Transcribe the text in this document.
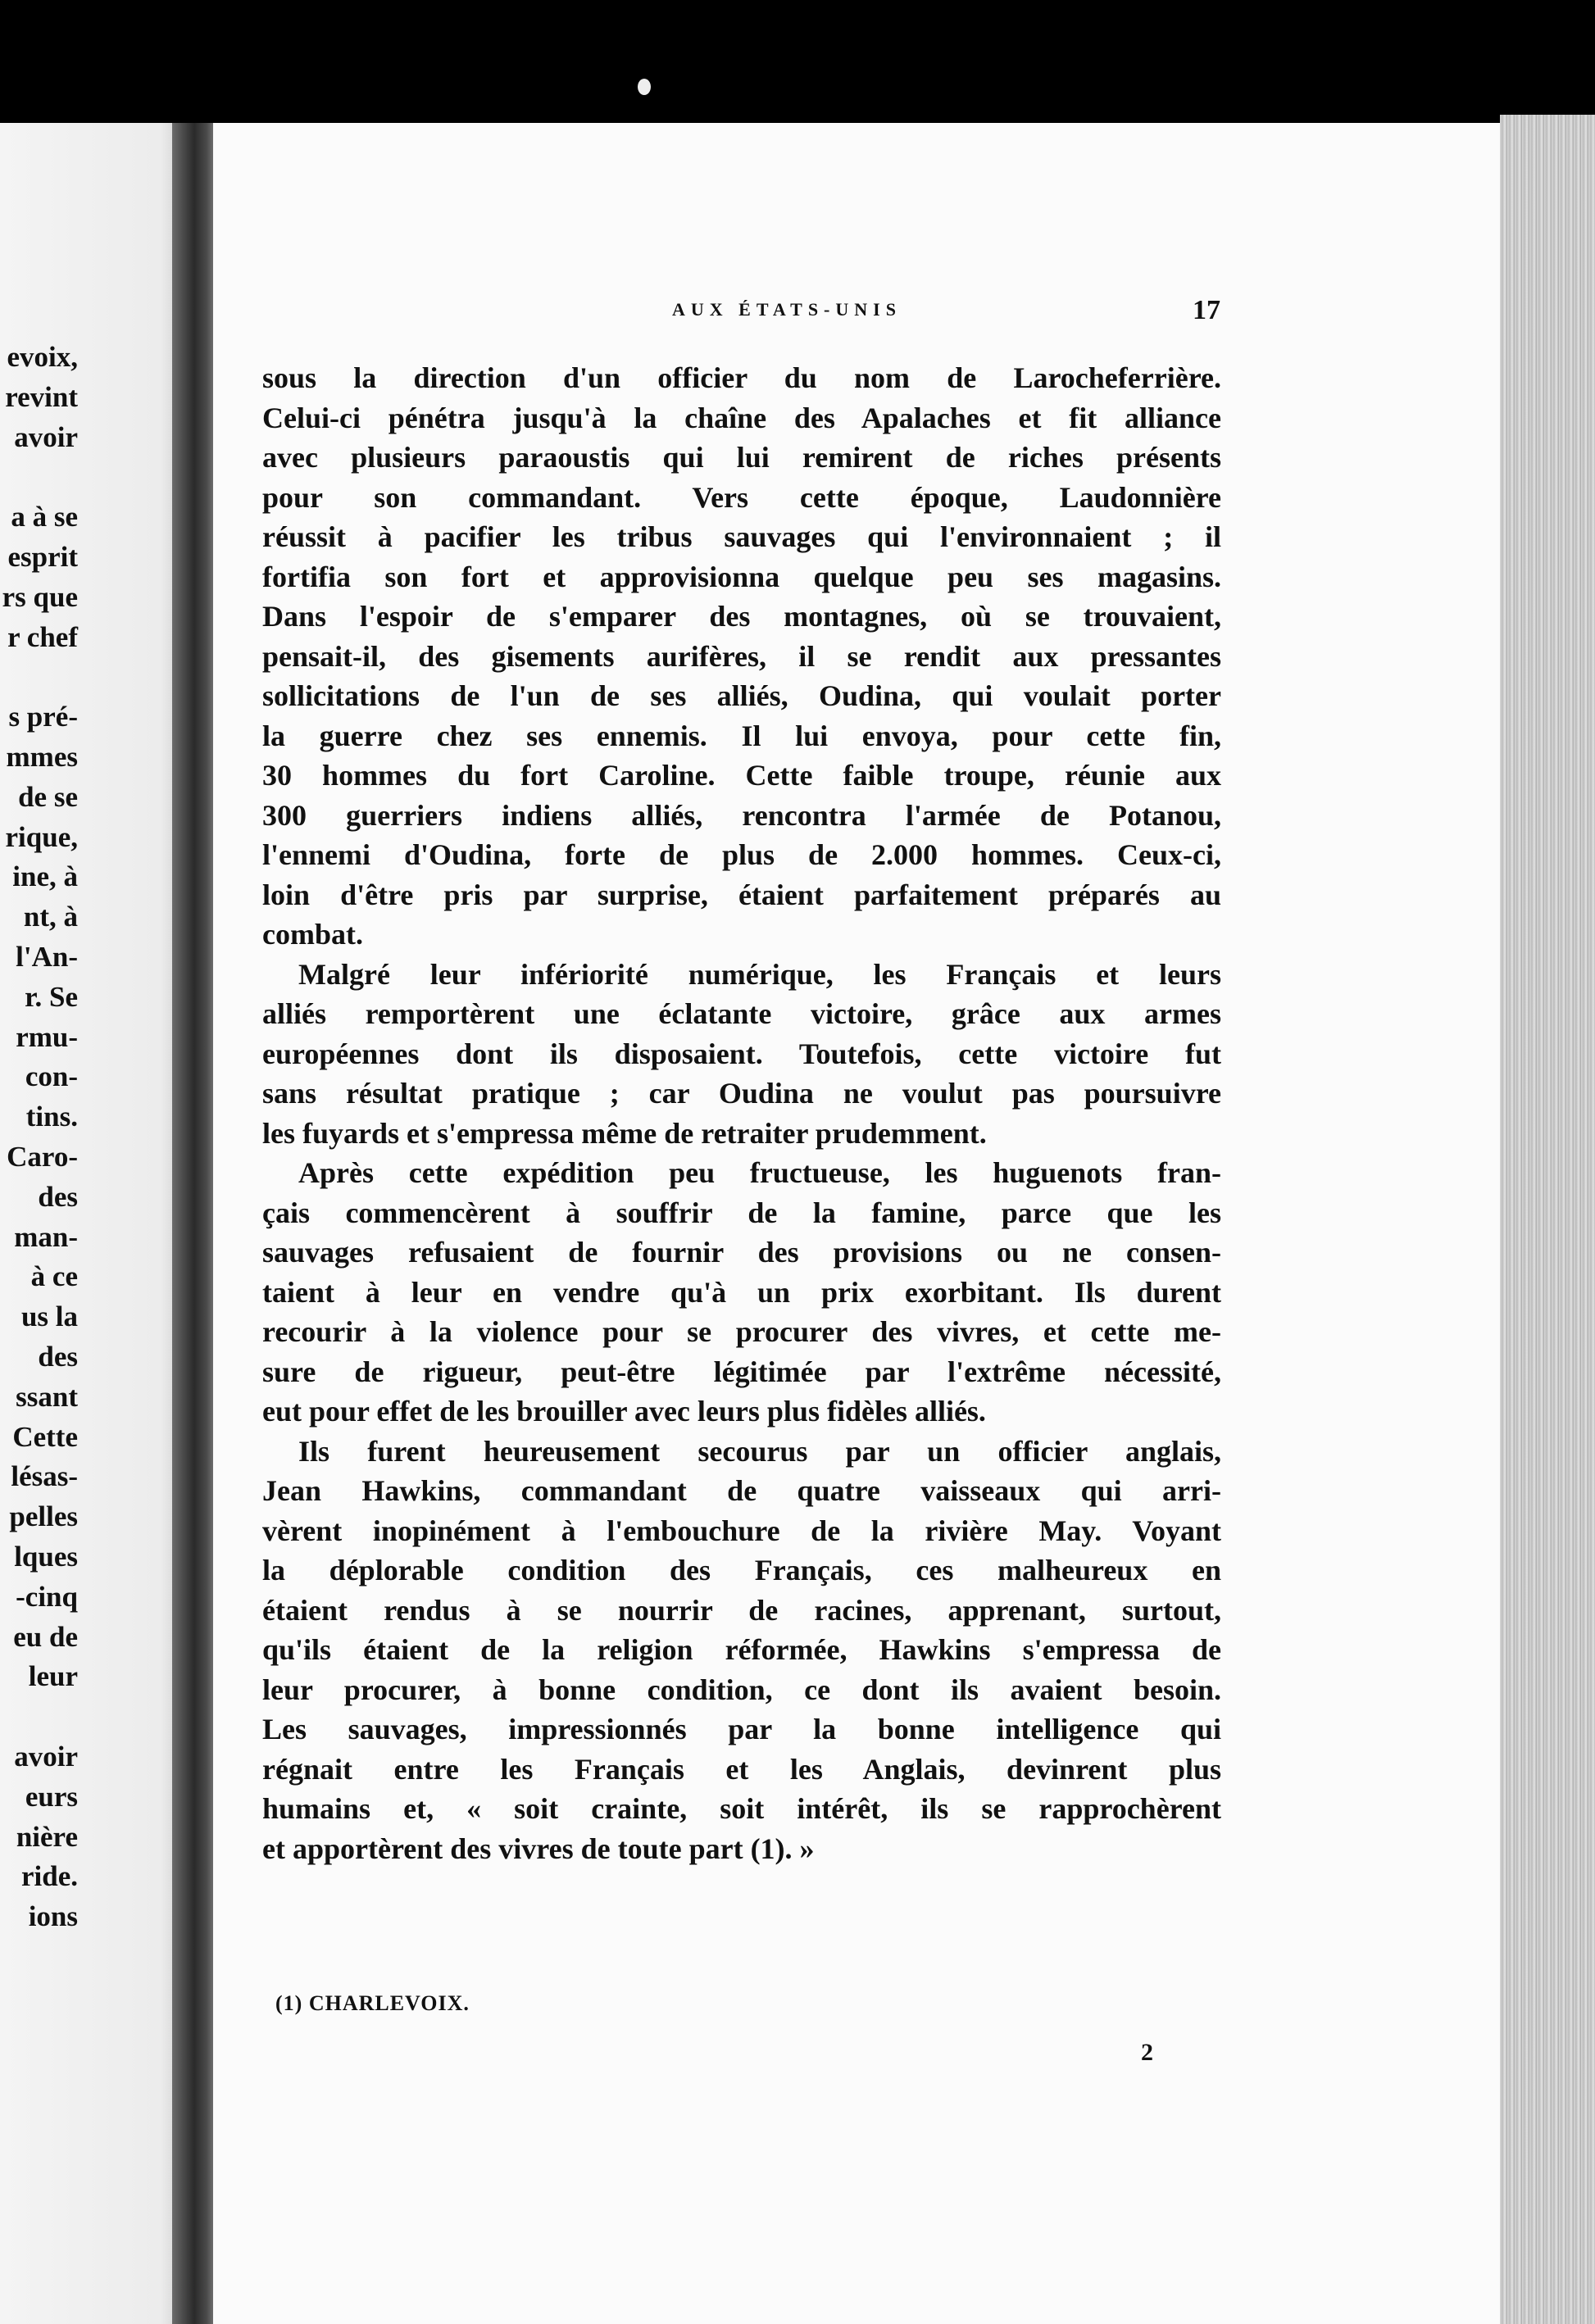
evoix,
revint
avoir
a à se
esprit
rs que
r chef
s pré-
mmes
de se
rique,
ine, à
nt, à
l'An-
r. Se
rmu-
con-
tins.
Caro-
des
man-
à ce
us la
des
ssant
Cette
lésas-
pelles
lques
-cinq
eu de
leur
avoir
eurs
nière
ride.
ions
AUX ÉTATS-UNIS	17
sous la direction d'un officier du nom de Larocheferrière.
Celui-ci pénétra jusqu'à la chaîne des Apalaches et fit alliance
avec plusieurs paraoustis qui lui remirent de riches présents
pour son commandant. Vers cette époque, Laudonnière
réussit à pacifier les tribus sauvages qui l'environnaient ; il
fortifia son fort et approvisionna quelque peu ses magasins.
Dans l'espoir de s'emparer des montagnes, où se trouvaient,
pensait-il, des gisements aurifères, il se rendit aux pressantes
sollicitations de l'un de ses alliés, Oudina, qui voulait porter
la guerre chez ses ennemis. Il lui envoya, pour cette fin,
30 hommes du fort Caroline. Cette faible troupe, réunie aux
300 guerriers indiens alliés, rencontra l'armée de Potanou,
l'ennemi d'Oudina, forte de plus de 2.000 hommes. Ceux-ci,
loin d'être pris par surprise, étaient parfaitement préparés au
combat.
Malgré leur infériorité numérique, les Français et leurs
alliés remportèrent une éclatante victoire, grâce aux armes
européennes dont ils disposaient. Toutefois, cette victoire fut
sans résultat pratique ; car Oudina ne voulut pas poursuivre
les fuyards et s'empressa même de retraiter prudemment.
Après cette expédition peu fructueuse, les huguenots fran-
çais commencèrent à souffrir de la famine, parce que les
sauvages refusaient de fournir des provisions ou ne consen-
taient à leur en vendre qu'à un prix exorbitant. Ils durent
recourir à la violence pour se procurer des vivres, et cette me-
sure de rigueur, peut-être légitimée par l'extrême nécessité,
eut pour effet de les brouiller avec leurs plus fidèles alliés.
Ils furent heureusement secourus par un officier anglais,
Jean Hawkins, commandant de quatre vaisseaux qui arri-
vèrent inopinément à l'embouchure de la rivière May. Voyant
la déplorable condition des Français, ces malheureux en
étaient rendus à se nourrir de racines, apprenant, surtout,
qu'ils étaient de la religion réformée, Hawkins s'empressa de
leur procurer, à bonne condition, ce dont ils avaient besoin.
Les sauvages, impressionnés par la bonne intelligence qui
régnait entre les Français et les Anglais, devinrent plus
humains et, « soit crainte, soit intérêt, ils se rapprochèrent
et apportèrent des vivres de toute part (1). »
(1) CHARLEVOIX.
2
